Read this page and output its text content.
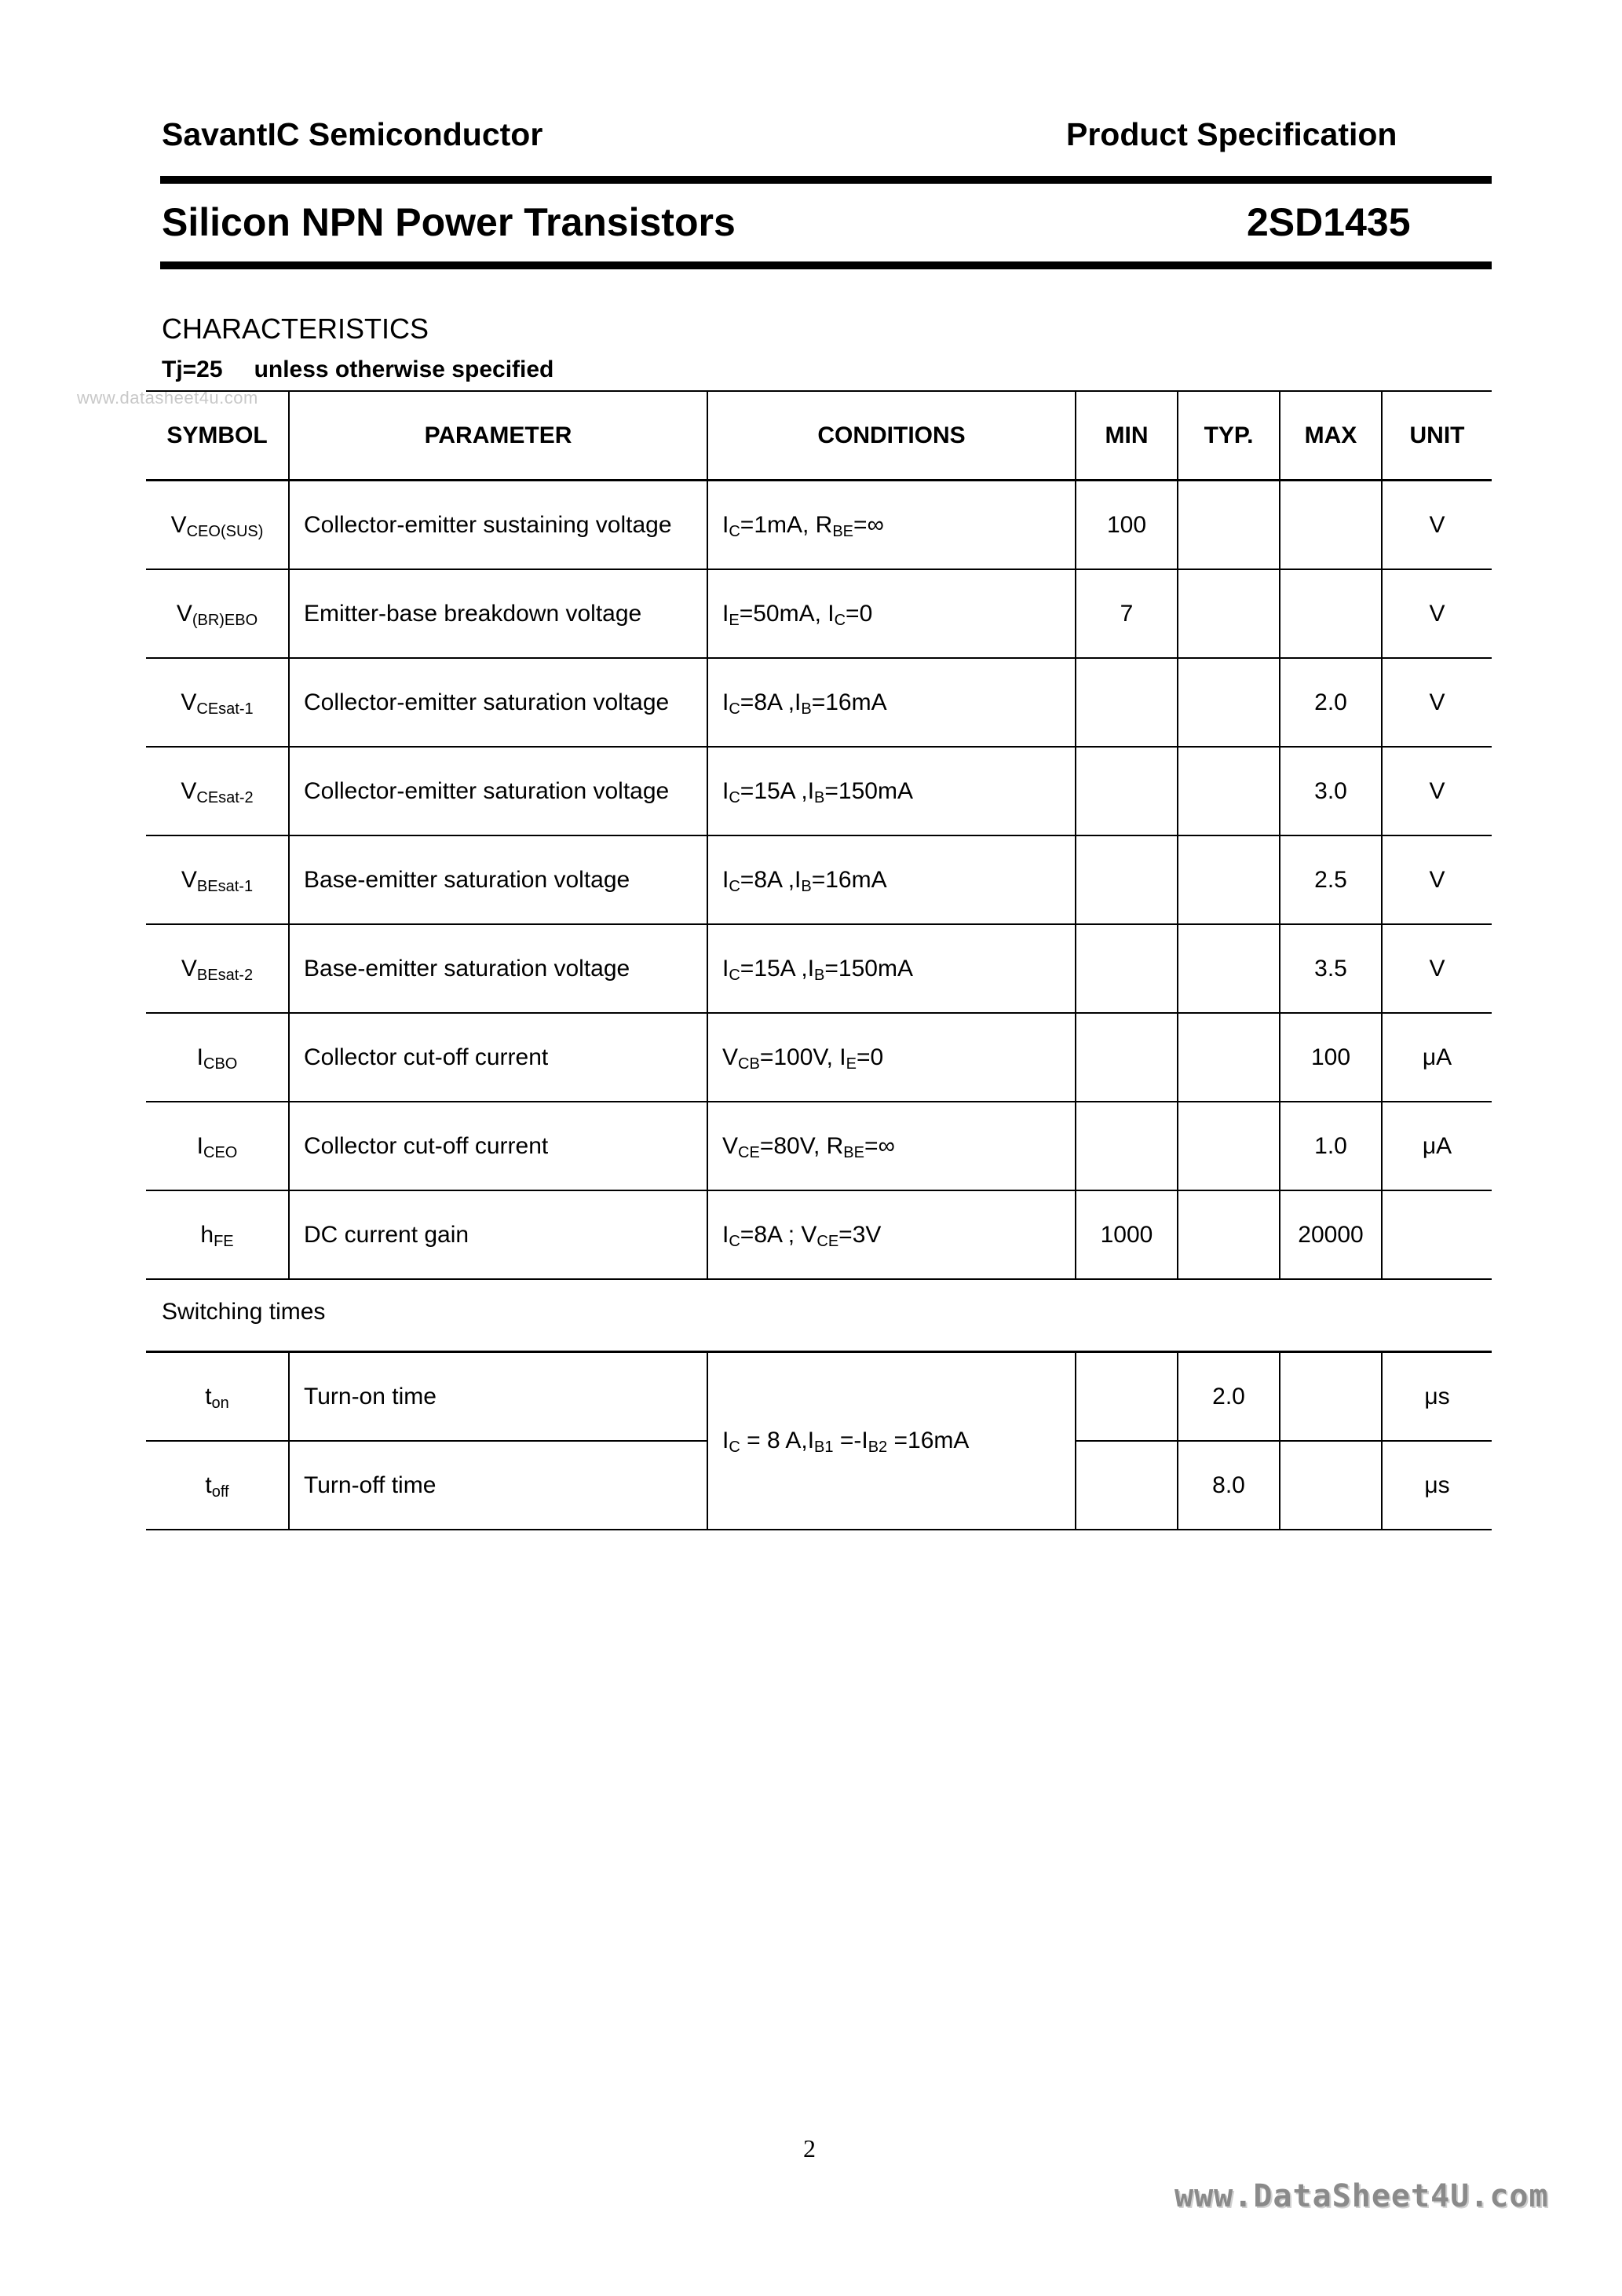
SavantIC Semiconductor	Product Specification
Silicon NPN Power Transistors	2SD1435
CHARACTERISTICS
Tj=25 unless otherwise specified
www.datasheet4u.com
SYMBOL	PARAMETER	CONDITIONS	MIN	TYP.	MAX	UNIT
$V_{CEO(SUS)}$	Collector-emitter sustaining voltage	$I_C=1mA$, $R_{BE}=\infty$	100			V
$V_{(BR)EBO}$	Emitter-base breakdown voltage	$I_E=50mA$, $I_C=0$	7			V
$V_{CEsat-1}$	Collector-emitter saturation voltage	$I_C=8A$ $,I_B=16mA$			2.0	V
$V_{CEsat-2}$	Collector-emitter saturation voltage	$I_C=15A$ $,I_B=150mA$			3.0	V
$V_{BEsat-1}$	Base-emitter saturation voltage	$I_C=8A$ $,I_B=16mA$			2.5	V
$V_{BEsat-2}$	Base-emitter saturation voltage	$I_C=15A$ $,I_B=150mA$			3.5	V
$I_{CBO}$	Collector cut-off current	$V_{CB}=100V$, $I_E=0$			100	μA
$I_{CEO}$	Collector cut-off current	$V_{CE}=80V$, $R_{BE}=\infty$			1.0	μA
$h_{FE}$	DC current gain	$I_C=8A$ ; $V_{CE}=3V$	1000		20000	
Switching times
$t_{on}$	Turn-on time	$I_C = 8$ $A,I_{B1} =-I_{B2} =16mA$		2.0		μs
$t_{off}$	Turn-off time			8.0		μs
2
www.DataSheet4U.com
